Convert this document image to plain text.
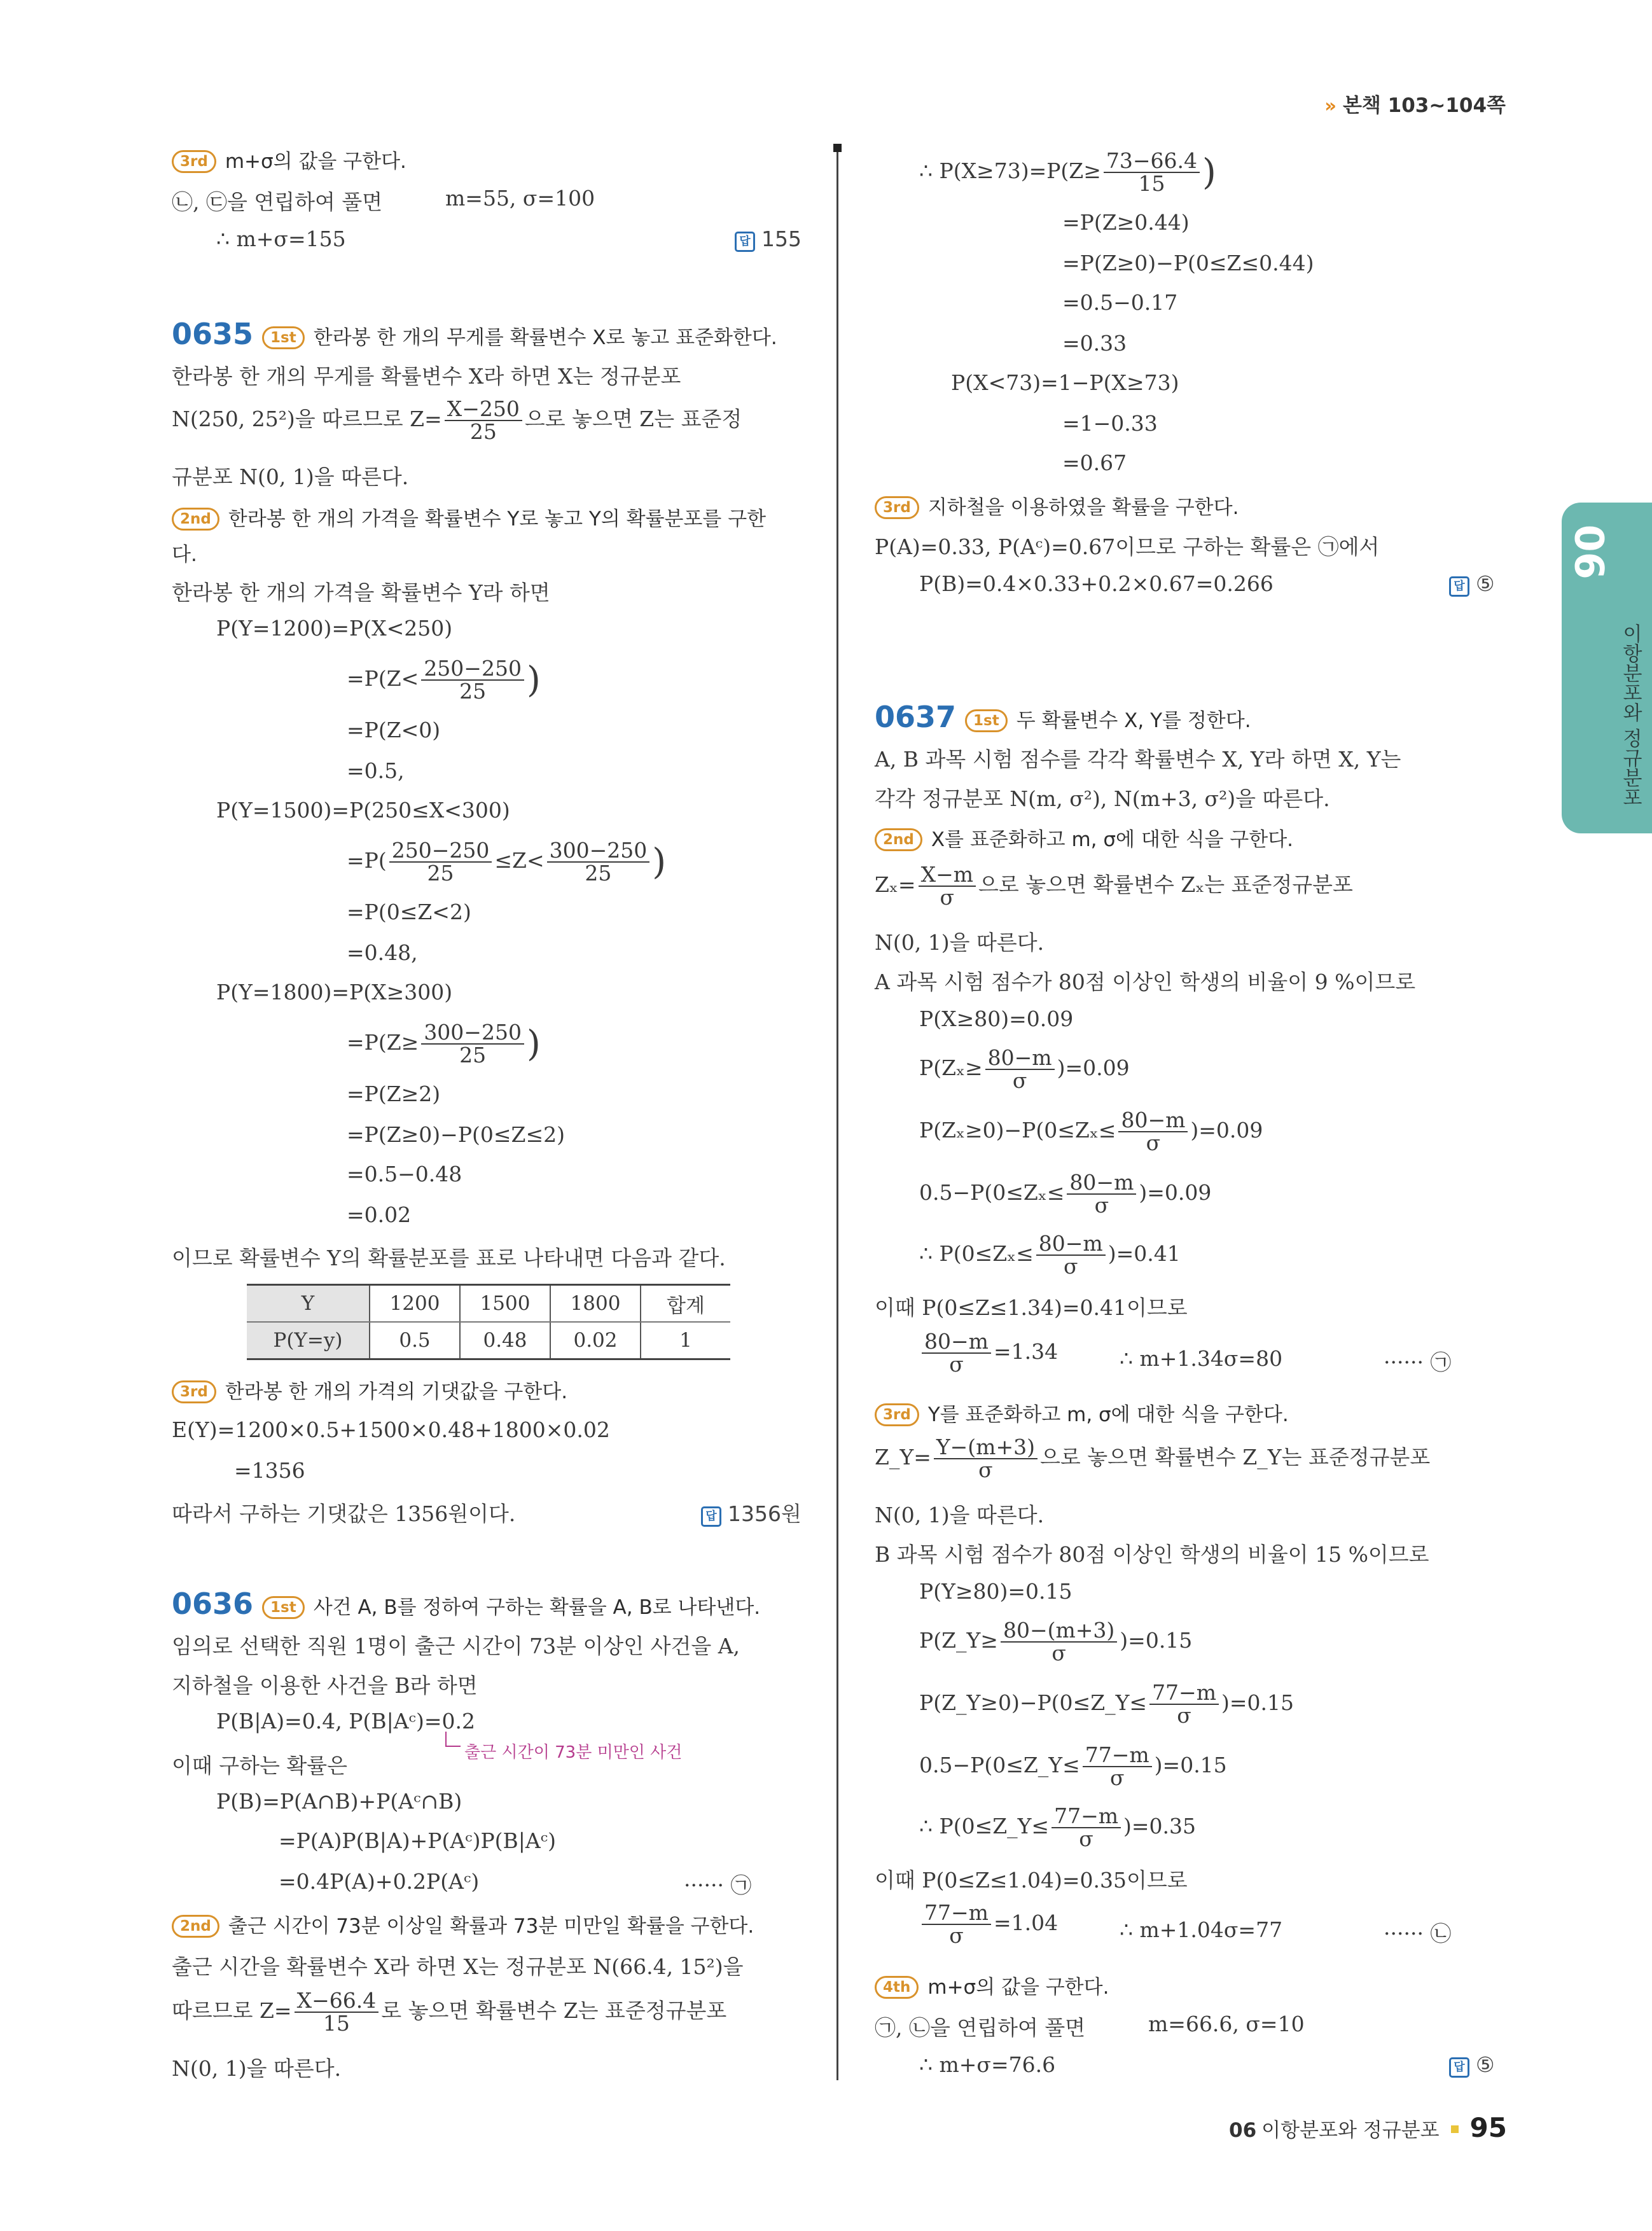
» 본책 103~104쪽
06
이항분포와 정규분포
3rd m+σ의 값을 구한다.
㉡, ㉢을 연립하여 풀면	m=55, σ=100
∴ m+σ=155	답 155
0635 1st 한라봉 한 개의 무게를 확률변수 X로 놓고 표준화한다.
한라봉 한 개의 무게를 확률변수 X라 하면 X는 정규분포
N(250, 25²)을 따르므로 $Z= \frac{X-250}{25}$ 으로 놓으면 Z는 표준정
규분포 N(0, 1)을 따른다.
2nd 한라봉 한 개의 가격을 확률변수 Y로 놓고 Y의 확률분포를 구한
다.
한라봉 한 개의 가격을 확률변수 Y라 하면
P(Y=1200)=P(X<250)
$=P(Z< \frac{250-250}{25}$ )
=P(Z<0)
=0.5,
P(Y=1500)=P(250≤X<300)
$=P( \frac{250-250}{25} \le Z< \frac{300-250}{25}$ )
=P(0≤Z<2)
=0.48,
P(Y=1800)=P(X≥300)
$=P(Z\ge \frac{300-250}{25}$ )
=P(Z≥2)
=P(Z≥0)−P(0≤Z≤2)
=0.5−0.48
=0.02
이므로 확률변수 Y의 확률분포를 표로 나타내면 다음과 같다.
Y	1200	1500	1800	합계
P(Y=y)	0.5	0.48	0.02	1
3rd 한라봉 한 개의 가격의 기댓값을 구한다.
E(Y)=1200×0.5+1500×0.48+1800×0.02
=1356
따라서 구하는 기댓값은 1356원이다.	답 1356원
0636 1st 사건 A, B를 정하여 구하는 확률을 A, B로 나타낸다.
임의로 선택한 직원 1명이 출근 시간이 73분 이상인 사건을 A,
지하철을 이용한 사건을 B라 하면
P(B|A)=0.4, P(B|Aᶜ)=0.2
출근 시간이 73분 미만인 사건
이때 구하는 확률은
P(B)=P(A∩B)+P(Aᶜ∩B)
=P(A)P(B|A)+P(Aᶜ)P(B|Aᶜ)
=0.4P(A)+0.2P(Aᶜ)	······ ㉠
2nd 출근 시간이 73분 이상일 확률과 73분 미만일 확률을 구한다.
출근 시간을 확률변수 X라 하면 X는 정규분포 N(66.4, 15²)을
따르므로 $Z= \frac{X-66.4}{15}$ 로 놓으면 확률변수 Z는 표준정규분포
N(0, 1)을 따른다.
∴ $P(X\ge 73)=P(Z\ge \frac{73-66.4}{15}$ )
=P(Z≥0.44)
=P(Z≥0)−P(0≤Z≤0.44)
=0.5−0.17
=0.33
P(X<73)=1−P(X≥73)
=1−0.33
=0.67
3rd 지하철을 이용하였을 확률을 구한다.
P(A)=0.33, P(Aᶜ)=0.67이므로 구하는 확률은 ㉠에서
P(B)=0.4×0.33+0.2×0.67=0.266	답 ⑤
0637 1st 두 확률변수 X, Y를 정한다.
A, B 과목 시험 점수를 각각 확률변수 X, Y라 하면 X, Y는
각각 정규분포 N(m, σ²), N(m+3, σ²)을 따른다.
2nd X를 표준화하고 m, σ에 대한 식을 구한다.
$Z_x= \frac{X-m}{\sigma}$ 으로 놓으면 확률변수 Zₓ는 표준정규분포
N(0, 1)을 따른다.
A 과목 시험 점수가 80점 이상인 학생의 비율이 9 %이므로
P(X≥80)=0.09
$P(Z_x\ge \frac{80-m}{\sigma} )=0.09$
$P(Z_x\ge 0)-P(0\le Z_x\le \frac{80-m}{\sigma} )=0.09$
$0.5-P(0\le Z_x\le \frac{80-m}{\sigma} )=0.09$
∴ $P(0\le Z_x\le \frac{80-m}{\sigma} )=0.41$
이때 P(0≤Z≤1.34)=0.41이므로
$\frac{80-m}{\sigma} =1.34$	∴ m+1.34σ=80	······ ㉠
3rd Y를 표준화하고 m, σ에 대한 식을 구한다.
Z_Y= $\frac{Y-(m+3)}{\sigma}$ 으로 놓으면 확률변수 Z_Y는 표준정규분포
N(0, 1)을 따른다.
B 과목 시험 점수가 80점 이상인 학생의 비율이 15 %이므로
P(Y≥80)=0.15
P(Z_Y≥ $\frac{80-(m+3)}{\sigma} )=0.15$
P(Z_Y≥0)−P(0≤Z_Y≤ $\frac{77-m}{\sigma} )=0.15$
0.5−P(0≤Z_Y≤ $\frac{77-m}{\sigma} )=0.15$
∴ P(0≤Z_Y≤ $\frac{77-m}{\sigma} )=0.35$
이때 P(0≤Z≤1.04)=0.35이므로
$\frac{77-m}{\sigma} =1.04$	∴ m+1.04σ=77	······ ㉡
4th m+σ의 값을 구한다.
㉠, ㉡을 연립하여 풀면	m=66.6, σ=10
∴ m+σ=76.6	답 ⑤
06 이항분포와 정규분포 95
